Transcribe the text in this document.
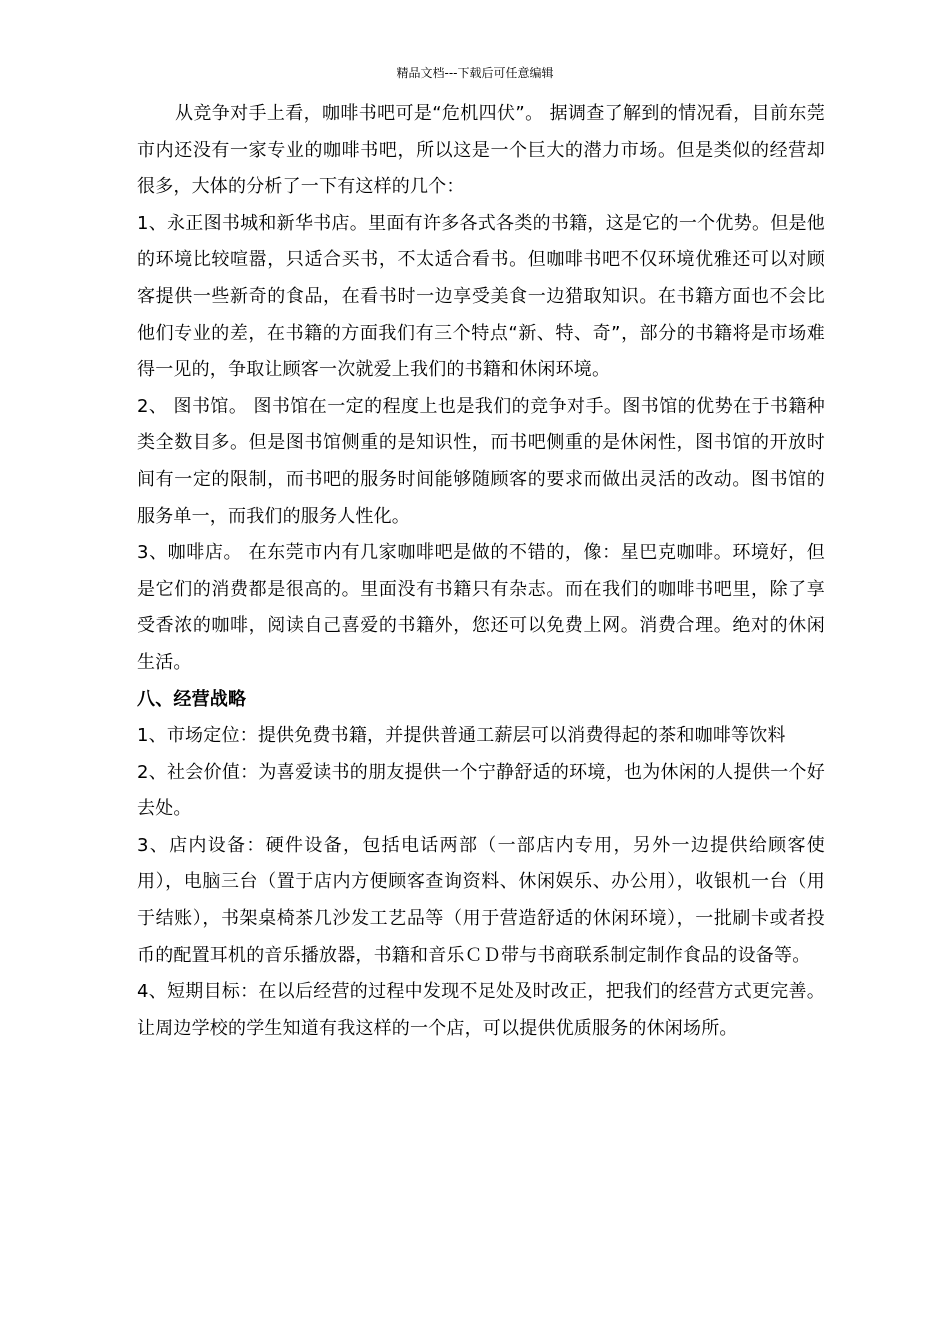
精品文档---下载后可任意编辑

从竞争对手上看，咖啡书吧可是“危机四伏”。 据调查了解到的情况看，目前东莞市内还没有一家专业的咖啡书吧，所以这是一个巨大的潜力市场。但是类似的经营却很多，大体的分析了一下有这样的几个：

1、永正图书城和新华书店。里面有许多各式各类的书籍，这是它的一个优势。但是他的环境比较喧嚣，只适合买书，不太适合看书。但咖啡书吧不仅环境优雅还可以对顾客提供一些新奇的食品，在看书时一边享受美食一边猎取知识。在书籍方面也不会比他们专业的差，在书籍的方面我们有三个特点“新、特、奇”，部分的书籍将是市场难得一见的，争取让顾客一次就爱上我们的书籍和休闲环境。

2、 图书馆。 图书馆在一定的程度上也是我们的竞争对手。图书馆的优势在于书籍种类全数目多。但是图书馆侧重的是知识性，而书吧侧重的是休闲性，图书馆的开放时间有一定的限制，而书吧的服务时间能够随顾客的要求而做出灵活的改动。图书馆的服务单一，而我们的服务人性化。

3、咖啡店。 在东莞市内有几家咖啡吧是做的不错的，像：星巴克咖啡。环境好，但是它们的消费都是很高的。里面没有书籍只有杂志。而在我们的咖啡书吧里，除了享受香浓的咖啡，阅读自己喜爱的书籍外，您还可以免费上网。消费合理。绝对的休闲生活。

八、经营战略

1、市场定位：提供免费书籍，并提供普通工薪层可以消费得起的茶和咖啡等饮料

2、社会价值：为喜爱读书的朋友提供一个宁静舒适的环境，也为休闲的人提供一个好去处。

3、店内设备：硬件设备，包括电话两部（一部店内专用，另外一边提供给顾客使用），电脑三台（置于店内方便顾客查询资料、休闲娱乐、办公用），收银机一台（用于结账），书架桌椅茶几沙发工艺品等（用于营造舒适的休闲环境），一批刷卡或者投币的配置耳机的音乐播放器，书籍和音乐ＣＤ带与书商联系制定制作食品的设备等。

4、短期目标：在以后经营的过程中发现不足处及时改正，把我们的经营方式更完善。让周边学校的学生知道有我这样的一个店，可以提供优质服务的休闲场所。
